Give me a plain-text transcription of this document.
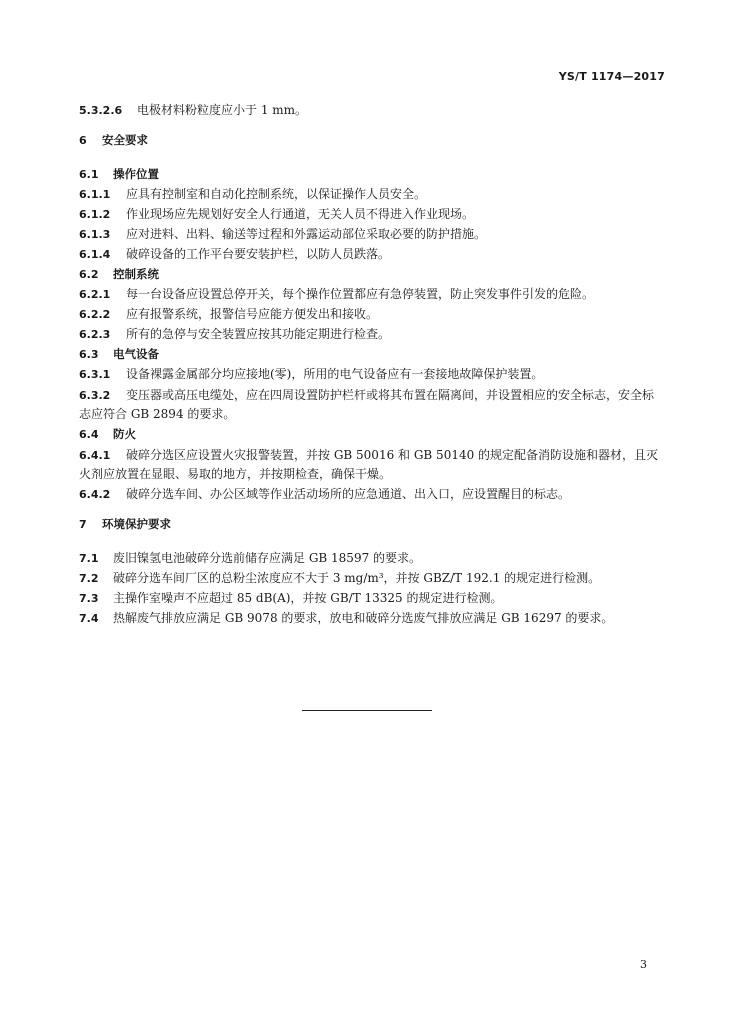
YS/T 1174—2017
5.3.2.6 电极材料粉粒度应小于 1 mm。
6 安全要求
6.1 操作位置
6.1.1 应具有控制室和自动化控制系统，以保证操作人员安全。
6.1.2 作业现场应先规划好安全人行通道，无关人员不得进入作业现场。
6.1.3 应对进料、出料、输送等过程和外露运动部位采取必要的防护措施。
6.1.4 破碎设备的工作平台要安装护栏，以防人员跌落。
6.2 控制系统
6.2.1 每一台设备应设置总停开关，每个操作位置都应有急停装置，防止突发事件引发的危险。
6.2.2 应有报警系统，报警信号应能方便发出和接收。
6.2.3 所有的急停与安全装置应按其功能定期进行检查。
6.3 电气设备
6.3.1 设备裸露金属部分均应接地(零)，所用的电气设备应有一套接地故障保护装置。
6.3.2 变压器或高压电缆处，应在四周设置防护栏杆或将其布置在隔离间，并设置相应的安全标志，安全标志应符合 GB 2894 的要求。
6.4 防火
6.4.1 破碎分选区应设置火灾报警装置，并按 GB 50016 和 GB 50140 的规定配备消防设施和器材，且灭火剂应放置在显眼、易取的地方，并按期检查，确保干燥。
6.4.2 破碎分选车间、办公区域等作业活动场所的应急通道、出入口，应设置醒目的标志。
7 环境保护要求
7.1 废旧镍氢电池破碎分选前储存应满足 GB 18597 的要求。
7.2 破碎分选车间厂区的总粉尘浓度应不大于 3 mg/m³，并按 GBZ/T 192.1 的规定进行检测。
7.3 主操作室噪声不应超过 85 dB(A)，并按 GB/T 13325 的规定进行检测。
7.4 热解废气排放应满足 GB 9078 的要求，放电和破碎分选废气排放应满足 GB 16297 的要求。
3
